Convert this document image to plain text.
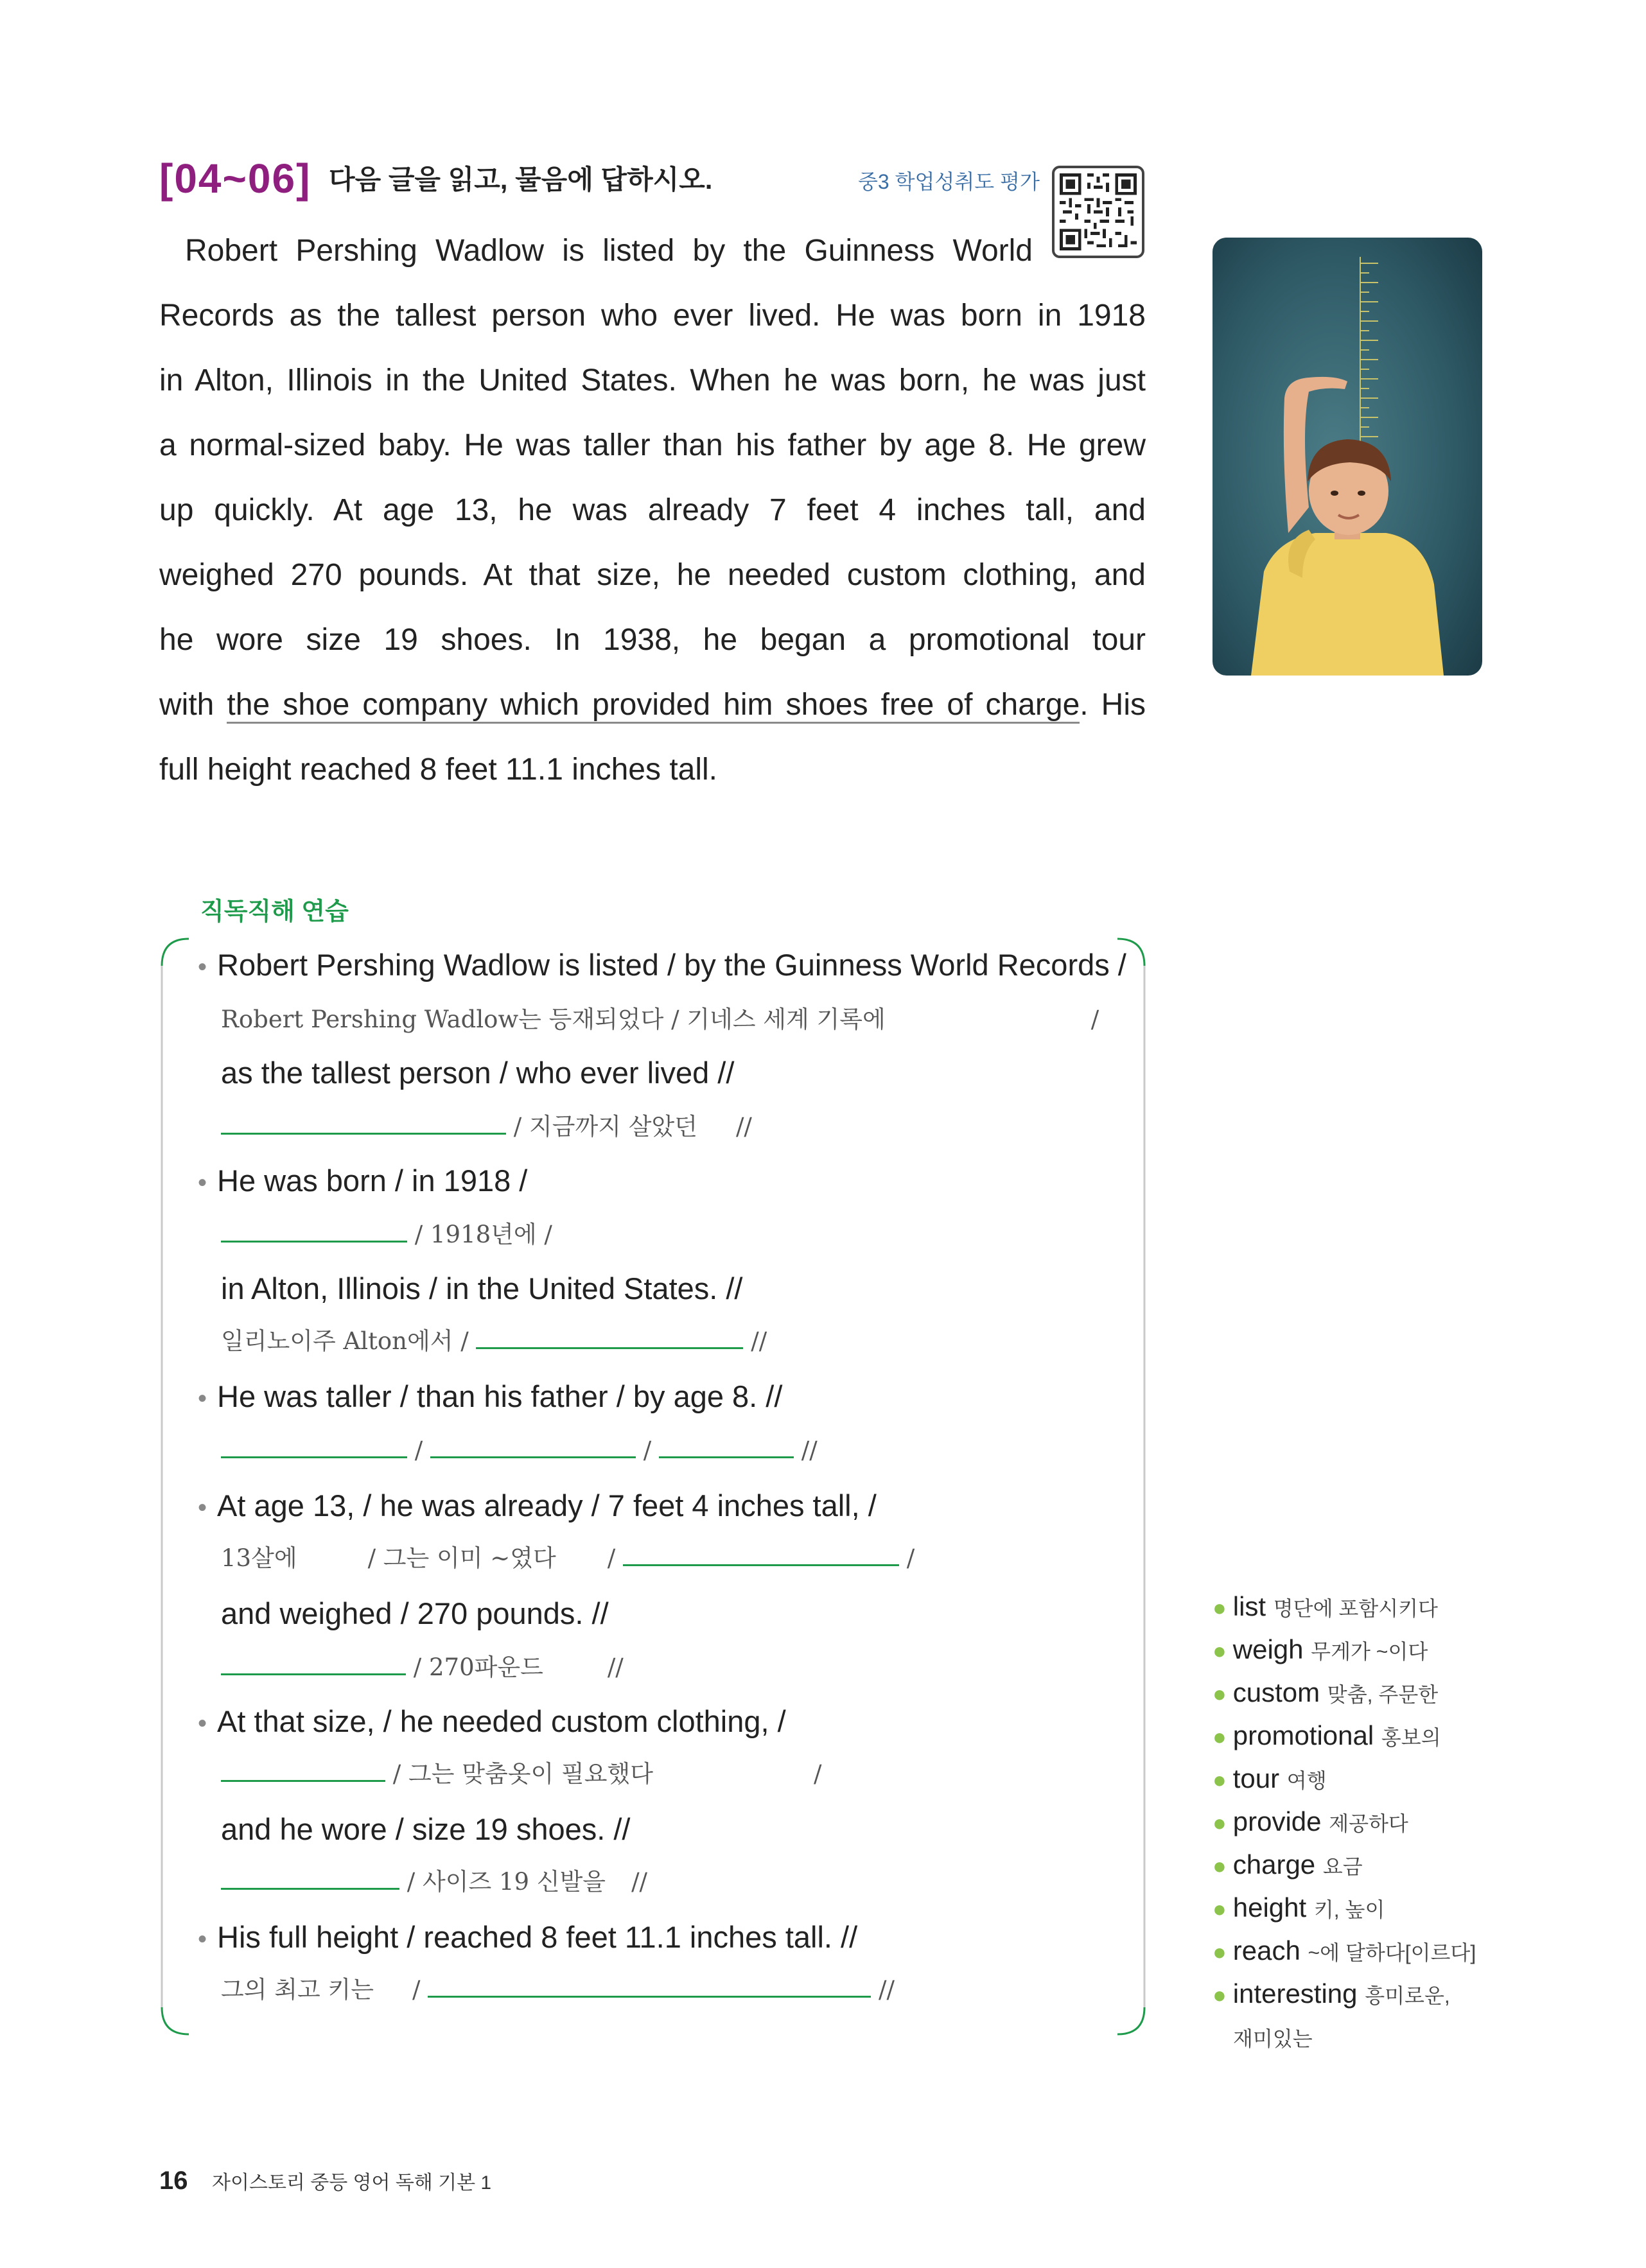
[04~06] 다음 글을 읽고, 물음에 답하시오.	중3 학업성취도 평가
Robert Pershing Wadlow is listed by the Guinness World
Records as the tallest person who ever lived. He was born in 1918
in Alton, Illinois in the United States. When he was born, he was just
a normal-sized baby. He was taller than his father by age 8. He grew
up quickly. At age 13, he was already 7 feet 4 inches tall, and
weighed 270 pounds. At that size, he needed custom clothing, and
he wore size 19 shoes. In 1938, he began a promotional tour
with the shoe company which provided him shoes free of charge. His
full height reached 8 feet 11.1 inches tall.
직독직해 연습
• Robert Pershing Wadlow is listed / by the Guinness World Records /
Robert Pershing Wadlow는 등재되었다 / 기네스 세계 기록에	/
as the tallest person / who ever lived //
/ 지금까지 살았던 //
• He was born / in 1918 /
/ 1918년에 /
in Alton, Illinois / in the United States. //
일리노이주 Alton에서 /	//
• He was taller / than his father / by age 8. //
/	/	//
• At age 13, / he was already / 7 feet 4 inches tall, /
13살에	/ 그는 이미 ~였다 /	/
and weighed / 270 pounds. //
/ 270파운드	//
• At that size, / he needed custom clothing, /
/ 그는 맞춤옷이 필요했다	/
and he wore / size 19 shoes. //
/ 사이즈 19 신발을 //
• His full height / reached 8 feet 11.1 inches tall. //
그의 최고 키는 /	//
● list 명단에 포함시키다
● weigh 무게가 ~이다
● custom 맞춤, 주문한
● promotional 홍보의
● tour 여행
● provide 제공하다
● charge 요금
● height 키, 높이
● reach ~에 달하다[이르다]
● interesting 흥미로운,
재미있는
16 자이스토리 중등 영어 독해 기본 1
